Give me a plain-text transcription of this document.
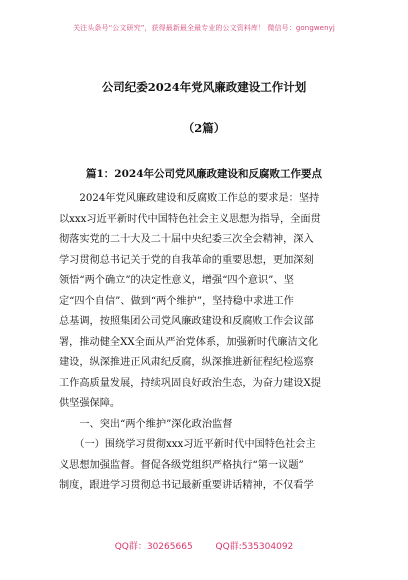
关注头条号“公文研究”，获得最新最全最专业的公文资料库！ 微信号：gongwenyj
公司纪委2024年党风廉政建设工作计划
（2篇）
篇1：2024年公司党风廉政建设和反腐败工作要点
　　2024年党风廉政建设和反腐败工作总的要求是：坚持
以xxx习近平新时代中国特色社会主义思想为指导，全面贯
彻落实党的二十大及二十届中央纪委三次全会精神，深入
学习贯彻总书记关于党的自我革命的重要思想，更加深刻
领悟“两个确立”的决定性意义，增强“四个意识”、坚
定“四个自信”、做到“两个维护”，坚持稳中求进工作
总基调，按照集团公司党风廉政建设和反腐败工作会议部
署，推动健全XX全面从严治党体系，加强新时代廉洁文化
建设，纵深推进正风肃纪反腐，纵深推进新征程纪检巡察
工作高质量发展，持续巩固良好政治生态，为奋力建设X提
供坚强保障。
　　一、突出“两个维护”深化政治监督
　　（一）围绕学习贯彻xxx习近平新时代中国特色社会主
义思想加强监督。督促各级党组织严格执行“第一议题”
制度，跟进学习贯彻总书记最新重要讲话精神，不仅看学
QQ群：30265665	QQ群:535304092
